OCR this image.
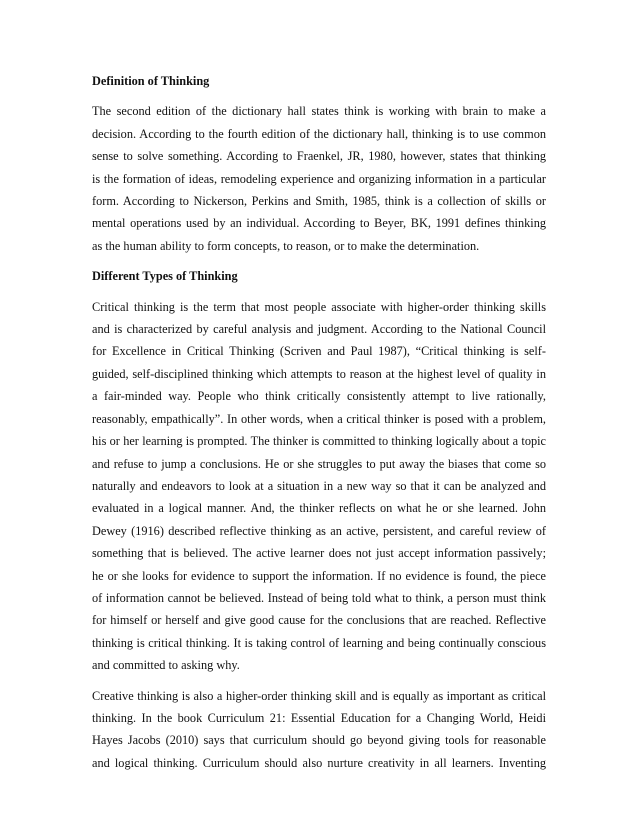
Definition of Thinking
The second edition of the dictionary hall states think is working with brain to make a
decision. According to the fourth edition of the dictionary hall, thinking is to use common
sense to solve something. According to Fraenkel, JR, 1980, however, states that thinking
is the formation of ideas, remodeling experience and organizing information in a particular
form. According to Nickerson, Perkins and Smith, 1985, think is a collection of skills or
mental operations used by an individual. According to Beyer, BK, 1991 defines thinking
as the human ability to form concepts, to reason, or to make the determination.
Different Types of Thinking
Critical thinking is the term that most people associate with higher-order thinking skills
and is characterized by careful analysis and judgment. According to the National Council
for Excellence in Critical Thinking (Scriven and Paul 1987), “Critical thinking is self-
guided, self-disciplined thinking which attempts to reason at the highest level of quality in
a fair-minded way. People who think critically consistently attempt to live rationally,
reasonably, empathically”. In other words, when a critical thinker is posed with a problem,
his or her learning is prompted. The thinker is committed to thinking logically about a topic
and refuse to jump a conclusions. He or she struggles to put away the biases that come so
naturally and endeavors to look at a situation in a new way so that it can be analyzed and
evaluated in a logical manner. And, the thinker reflects on what he or she learned. John
Dewey (1916) described reflective thinking as an active, persistent, and careful review of
something that is believed. The active learner does not just accept information passively;
he or she looks for evidence to support the information. If no evidence is found, the piece
of information cannot be believed. Instead of being told what to think, a person must think
for himself or herself and give good cause for the conclusions that are reached. Reflective
thinking is critical thinking. It is taking control of learning and being continually conscious
and committed to asking why.
Creative thinking is also a higher-order thinking skill and is equally as important as critical
thinking. In the book Curriculum 21: Essential Education for a Changing World, Heidi
Hayes Jacobs (2010) says that curriculum should go beyond giving tools for reasonable
and logical thinking. Curriculum should also nurture creativity in all learners. Inventing
